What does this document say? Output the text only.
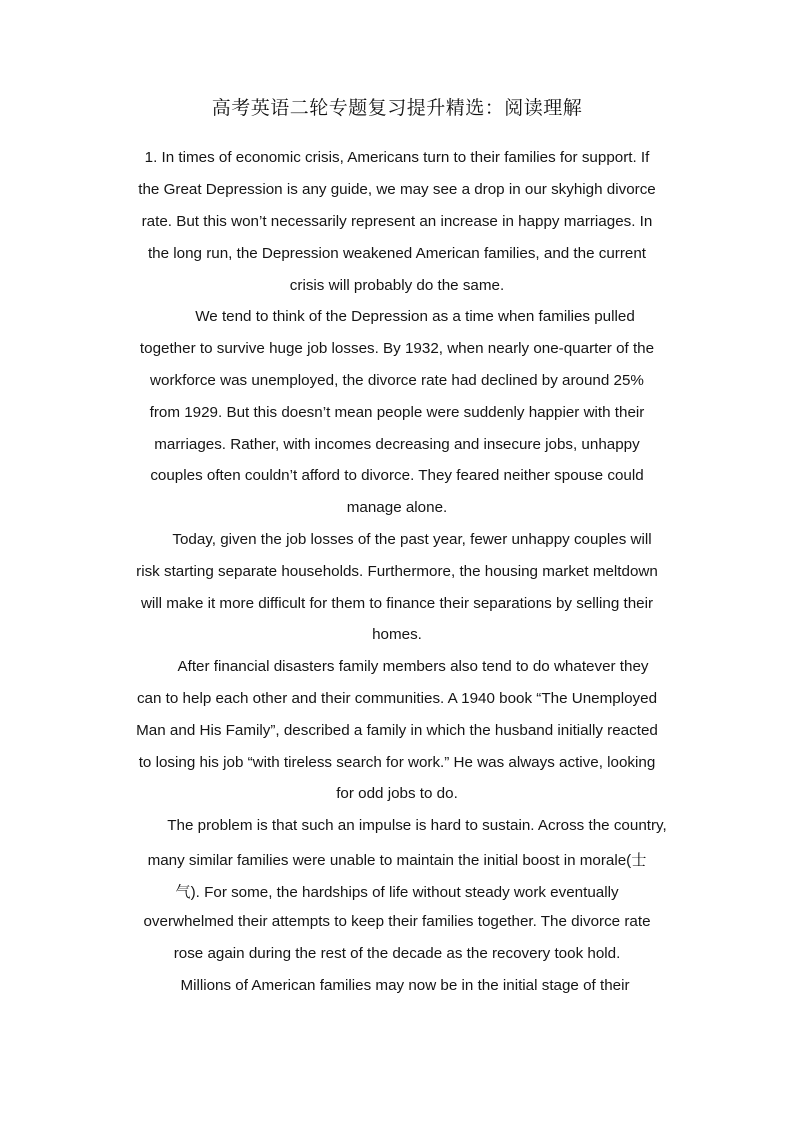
高考英语二轮专题复习提升精选：阅读理解
1. In times of economic crisis, Americans turn to their families for support. If
the Great Depression is any guide, we may see a drop in our skyhigh divorce
rate. But this won’t necessarily represent an increase in happy marriages. In
the long run, the Depression weakened American families, and the current
crisis will probably do the same.
We tend to think of the Depression as a time when families pulled
together to survive huge job losses. By 1932, when nearly one-quarter of the
workforce was unemployed, the divorce rate had declined by around 25%
from 1929. But this doesn’t mean people were suddenly happier with their
marriages. Rather, with incomes decreasing and insecure jobs, unhappy
couples often couldn’t afford to divorce. They feared neither spouse could
manage alone.
Today, given the job losses of the past year, fewer unhappy couples will
risk starting separate households. Furthermore, the housing market meltdown
will make it more difficult for them to finance their separations by selling their
homes.
After financial disasters family members also tend to do whatever they
can to help each other and their communities. A 1940 book “The Unemployed
Man and His Family”, described a family in which the husband initially reacted
to losing his job “with tireless search for work.” He was always active, looking
for odd jobs to do.
The problem is that such an impulse is hard to sustain. Across the country,
many similar families were unable to maintain the initial boost in morale(士
气). For some, the hardships of life without steady work eventually
overwhelmed their attempts to keep their families together. The divorce rate
rose again during the rest of the decade as the recovery took hold.
Millions of American families may now be in the initial stage of their
